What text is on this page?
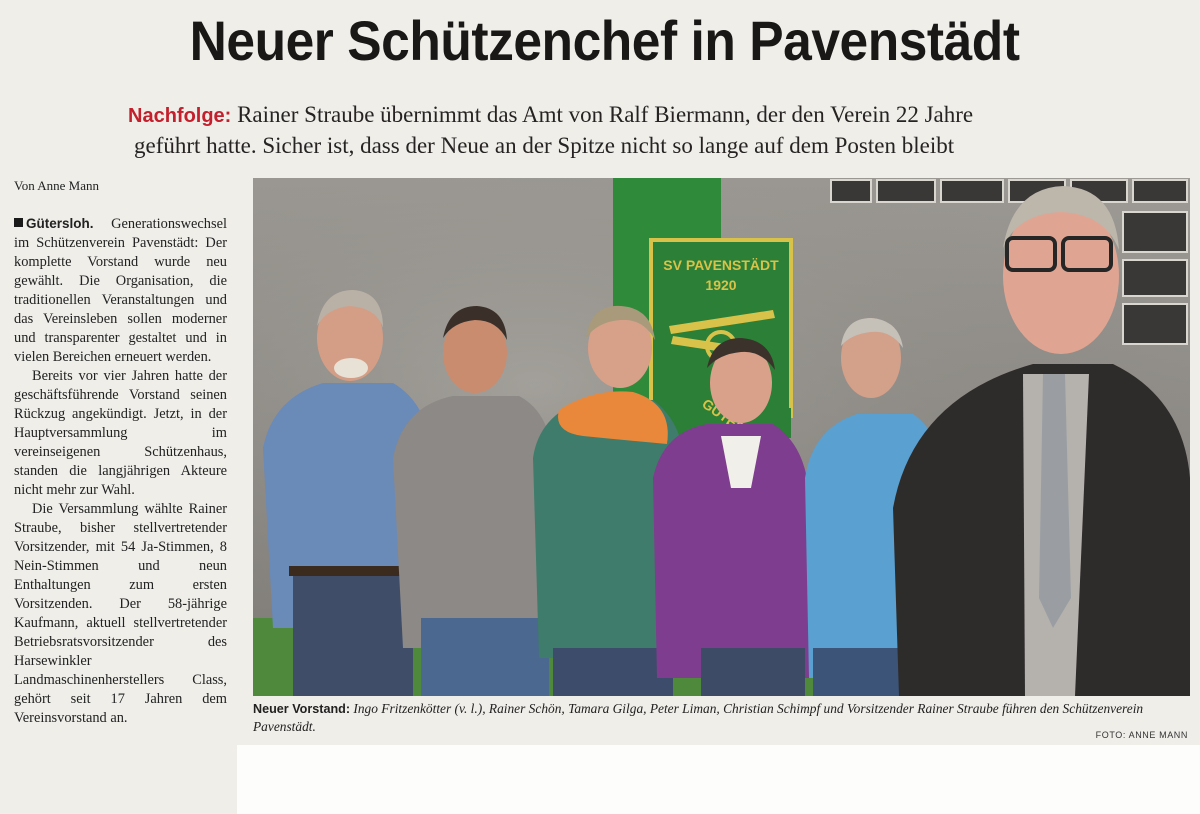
Neuer Schützenchef in Pavenstädt
Nachfolge: Rainer Straube übernimmt das Amt von Ralf Biermann, der den Verein 22 Jahre
geführt hatte. Sicher ist, dass der Neue an der Spitze nicht so lange auf dem Posten bleibt
Von Anne Mann

Gütersloh. Generationswechsel im Schützenverein Pavenstädt: Der komplette Vorstand wurde neu gewählt. Die Organisation, die traditionellen Veranstaltungen und das Vereinsleben sollen moderner und transparenter gestaltet und in vielen Bereichen erneuert werden.

Bereits vor vier Jahren hatte der geschäftsführende Vorstand seinen Rückzug angekündigt. Jetzt, in der Hauptversammlung im vereinseigenen Schützenhaus, standen die langjährigen Akteure nicht mehr zur Wahl.

Die Versammlung wählte Rainer Straube, bisher stellvertretender Vorsitzender, mit 54 Ja-Stimmen, 8 Nein-Stimmen und neun Enthaltungen zum ersten Vorsitzenden. Der 58-jährige Kaufmann, aktuell stellvertretender Betriebsratsvorsitzender des Harsewinkler Landmaschinenherstellers Class, gehört seit 17 Jahren dem Vereinsvorstand an.

SV PAVENSTÄDT
1920
Neuer Vorstand: Ingo Fritzenkötter (v. l.), Rainer Schön, Tamara Gilga, Peter Liman, Christian Schimpf und Vorsitzender Rainer Straube führen den Schützenverein Pavenstädt.
FOTO: ANNE MANN
